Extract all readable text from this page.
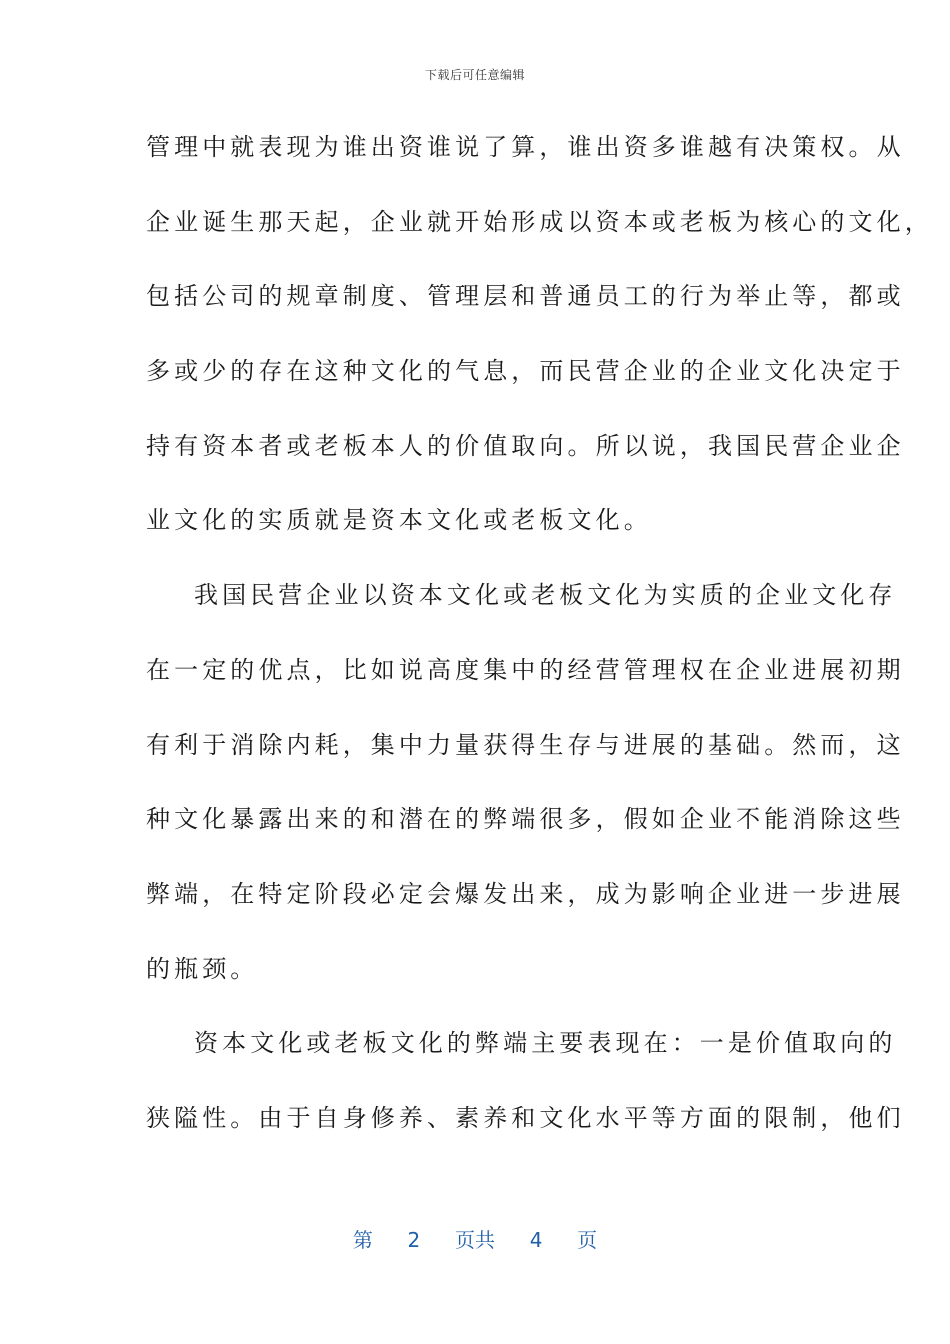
下载后可任意编辑
管理中就表现为谁出资谁说了算，谁出资多谁越有决策权。从
企业诞生那天起，企业就开始形成以资本或老板为核心的文化，
包括公司的规章制度、管理层和普通员工的行为举止等，都或
多或少的存在这种文化的气息，而民营企业的企业文化决定于
持有资本者或老板本人的价值取向。所以说，我国民营企业企
业文化的实质就是资本文化或老板文化。
我国民营企业以资本文化或老板文化为实质的企业文化存
在一定的优点，比如说高度集中的经营管理权在企业进展初期
有利于消除内耗，集中力量获得生存与进展的基础。然而，这
种文化暴露出来的和潜在的弊端很多，假如企业不能消除这些
弊端，在特定阶段必定会爆发出来，成为影响企业进一步进展
的瓶颈。
资本文化或老板文化的弊端主要表现在：一是价值取向的
狭隘性。由于自身修养、素养和文化水平等方面的限制，他们
第 2 页共 4 页
